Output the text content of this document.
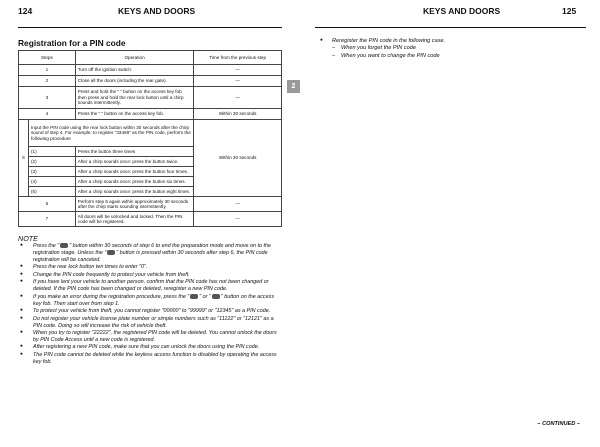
124	KEYS AND DOORS
Registration for a PIN code
Steps		Operation	Time from the previous step
1		Turn off the ignition switch.	—
2		Close all the doors (including the rear gate).	—
3		Press and hold the " " button on the access key fob then press and hold the rear lock button until a chirp sounds intermittently.	—
4		Press the " " button on the access key fob.	Within 30 seconds
5	Input the PIN code using the rear lock button within 30 seconds after the chirp sound of step 4. For example: to register "33469" as the PIN code, perform the following procedure		Within 30 seconds
	(1)	Press the button three times	
	(2)	After a chirp sounds once: press the button twice.	
	(3)	After a chirp sounds once: press the button four times.	
	(4)	After a chirp sounds once: press the button six times.	
	(5)	After a chirp sounds once: press the button eight times.	
6		Perform step 5 again within approximately 30 seconds after the chirp starts sounding intermittently.	—
7		All doors will be unlocked and locked. Then the PIN code will be registered.	—
NOTE
● Press the " " button within 30 seconds of step 6 to end the preparation mode and move on to the registration stage. Unless the " " button is pressed within 30 seconds after step 6, the PIN code registration will be canceled.
● Press the rear lock button ten times to enter "0".
● Change the PIN code frequently to protect your vehicle from theft.
● If you have lent your vehicle to another person, confirm that the PIN code has not been changed or deleted. If the PIN code has been changed or deleted, reregister a new PIN code.
● If you make an error during the registration procedure, press the " " or " " button on the access key fob. Then start over from step 1.
● To protect your vehicle from theft, you cannot register "00000" to "99999" or "12345" as a PIN code.
● Do not register your vehicle license plate number or simple numbers such as "11122" or "12121" as a PIN code. Doing so will increase the risk of vehicle theft.
● When you try to register "22222", the registered PIN code will be deleted. You cannot unlock the doors by PIN Code Access until a new code is registered.
● After registering a new PIN code, make sure that you can unlock the doors using the PIN code.
● The PIN code cannot be deleted while the keyless access function is disabled by operating the access key fob.
KEYS AND DOORS	125
● Reregister the PIN code in the following case.
– When you forget the PIN code
– When you want to change the PIN code
– CONTINUED –
2
